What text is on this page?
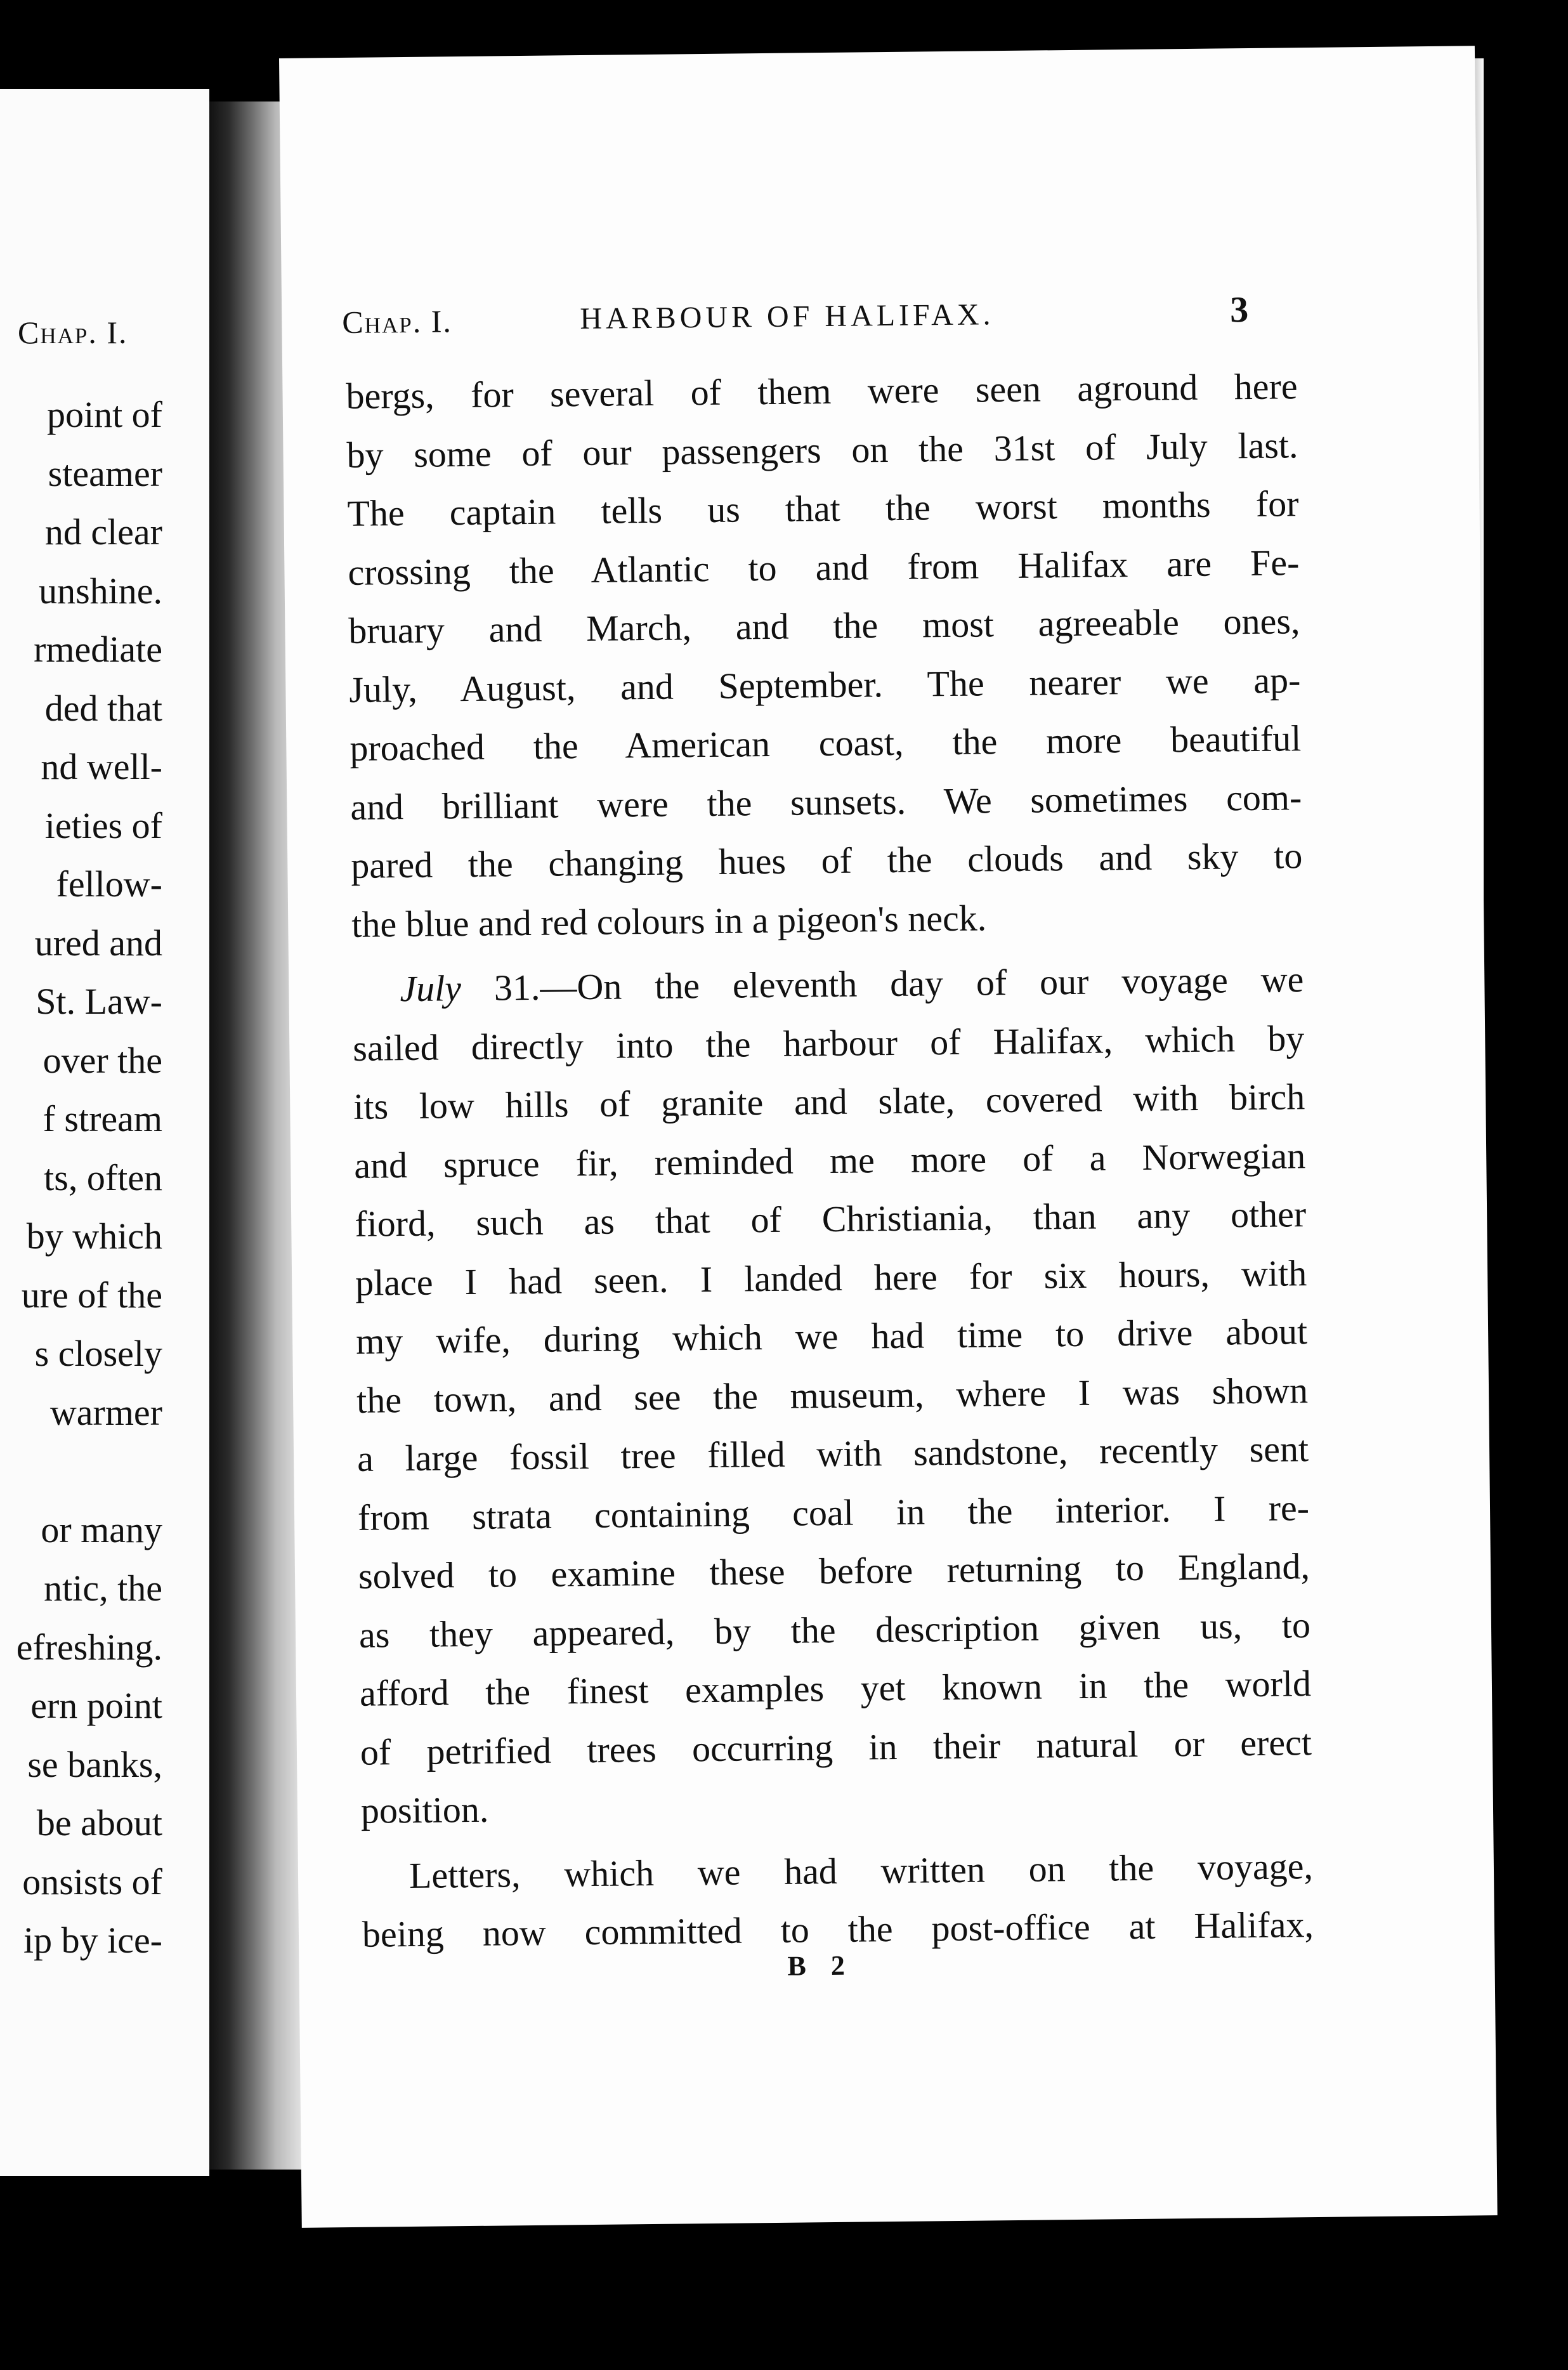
Chap. I.
point of
steamer
nd clear
unshine.
rmediate
ded that
nd well-
ieties of
fellow-
ured and
St. Law-
over the
f stream
ts, often
by which
ure of the
s closely
warmer
or many
ntic, the
efreshing.
ern point
se banks,
be about
onsists of
ip by ice-
Chap. I.	HARBOUR OF HALIFAX.	3
bergs, for several of them were seen aground here
by some of our passengers on the 31st of July last.
The captain tells us that the worst months for
crossing the Atlantic to and from Halifax are Fe-
bruary and March, and the most agreeable ones,
July, August, and September. The nearer we ap-
proached the American coast, the more beautiful
and brilliant were the sunsets. We sometimes com-
pared the changing hues of the clouds and sky to
the blue and red colours in a pigeon's neck.
July 31.—On the eleventh day of our voyage we
sailed directly into the harbour of Halifax, which by
its low hills of granite and slate, covered with birch
and spruce fir, reminded me more of a Norwegian
fiord, such as that of Christiania, than any other
place I had seen. I landed here for six hours, with
my wife, during which we had time to drive about
the town, and see the museum, where I was shown
a large fossil tree filled with sandstone, recently sent
from strata containing coal in the interior. I re-
solved to examine these before returning to England,
as they appeared, by the description given us, to
afford the finest examples yet known in the world
of petrified trees occurring in their natural or erect
position.
Letters, which we had written on the voyage,
being now committed to the post-office at Halifax,
B 2
